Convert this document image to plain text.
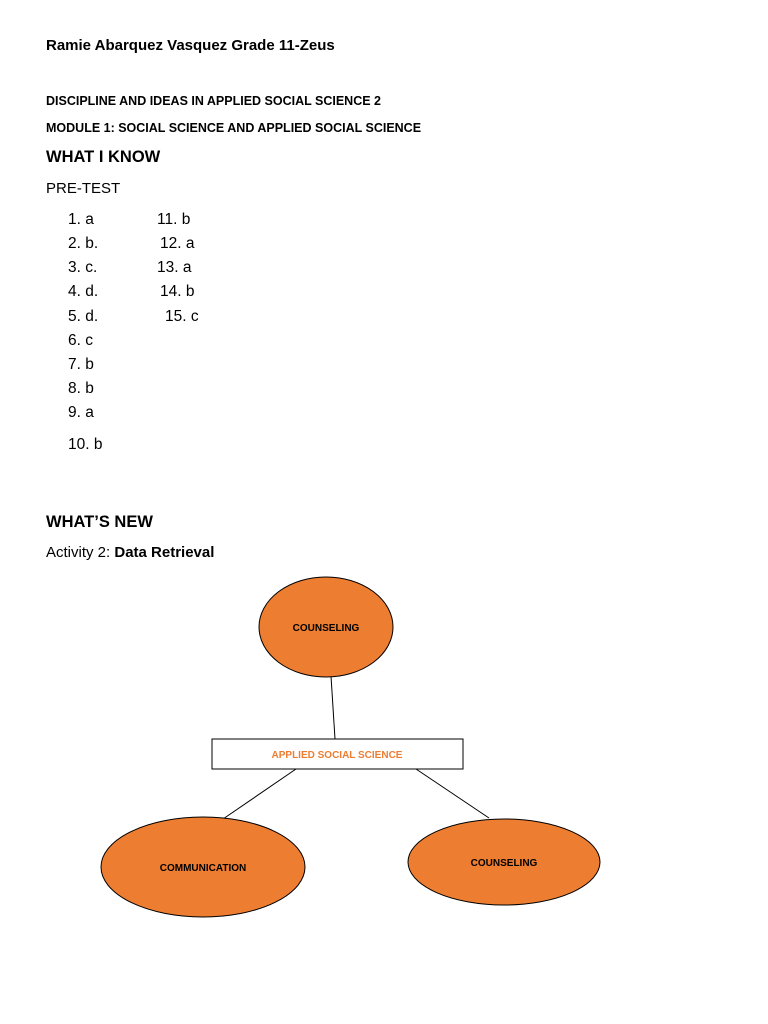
Ramie Abarquez Vasquez Grade 11-Zeus
DISCIPLINE AND IDEAS IN APPLIED SOCIAL SCIENCE 2
MODULE 1: SOCIAL SCIENCE AND APPLIED SOCIAL SCIENCE
WHAT I KNOW
PRE-TEST
1. a
2. b.
3. c.
4. d.
5. d.
6. c
7. b
8. b
9. a
10. b
11. b
12. a
13. a
14. b
15. c
WHAT’S NEW
Activity 2: Data Retrieval
COUNSELING
APPLIED SOCIAL SCIENCE
COMMUNICATION	COUNSELING
